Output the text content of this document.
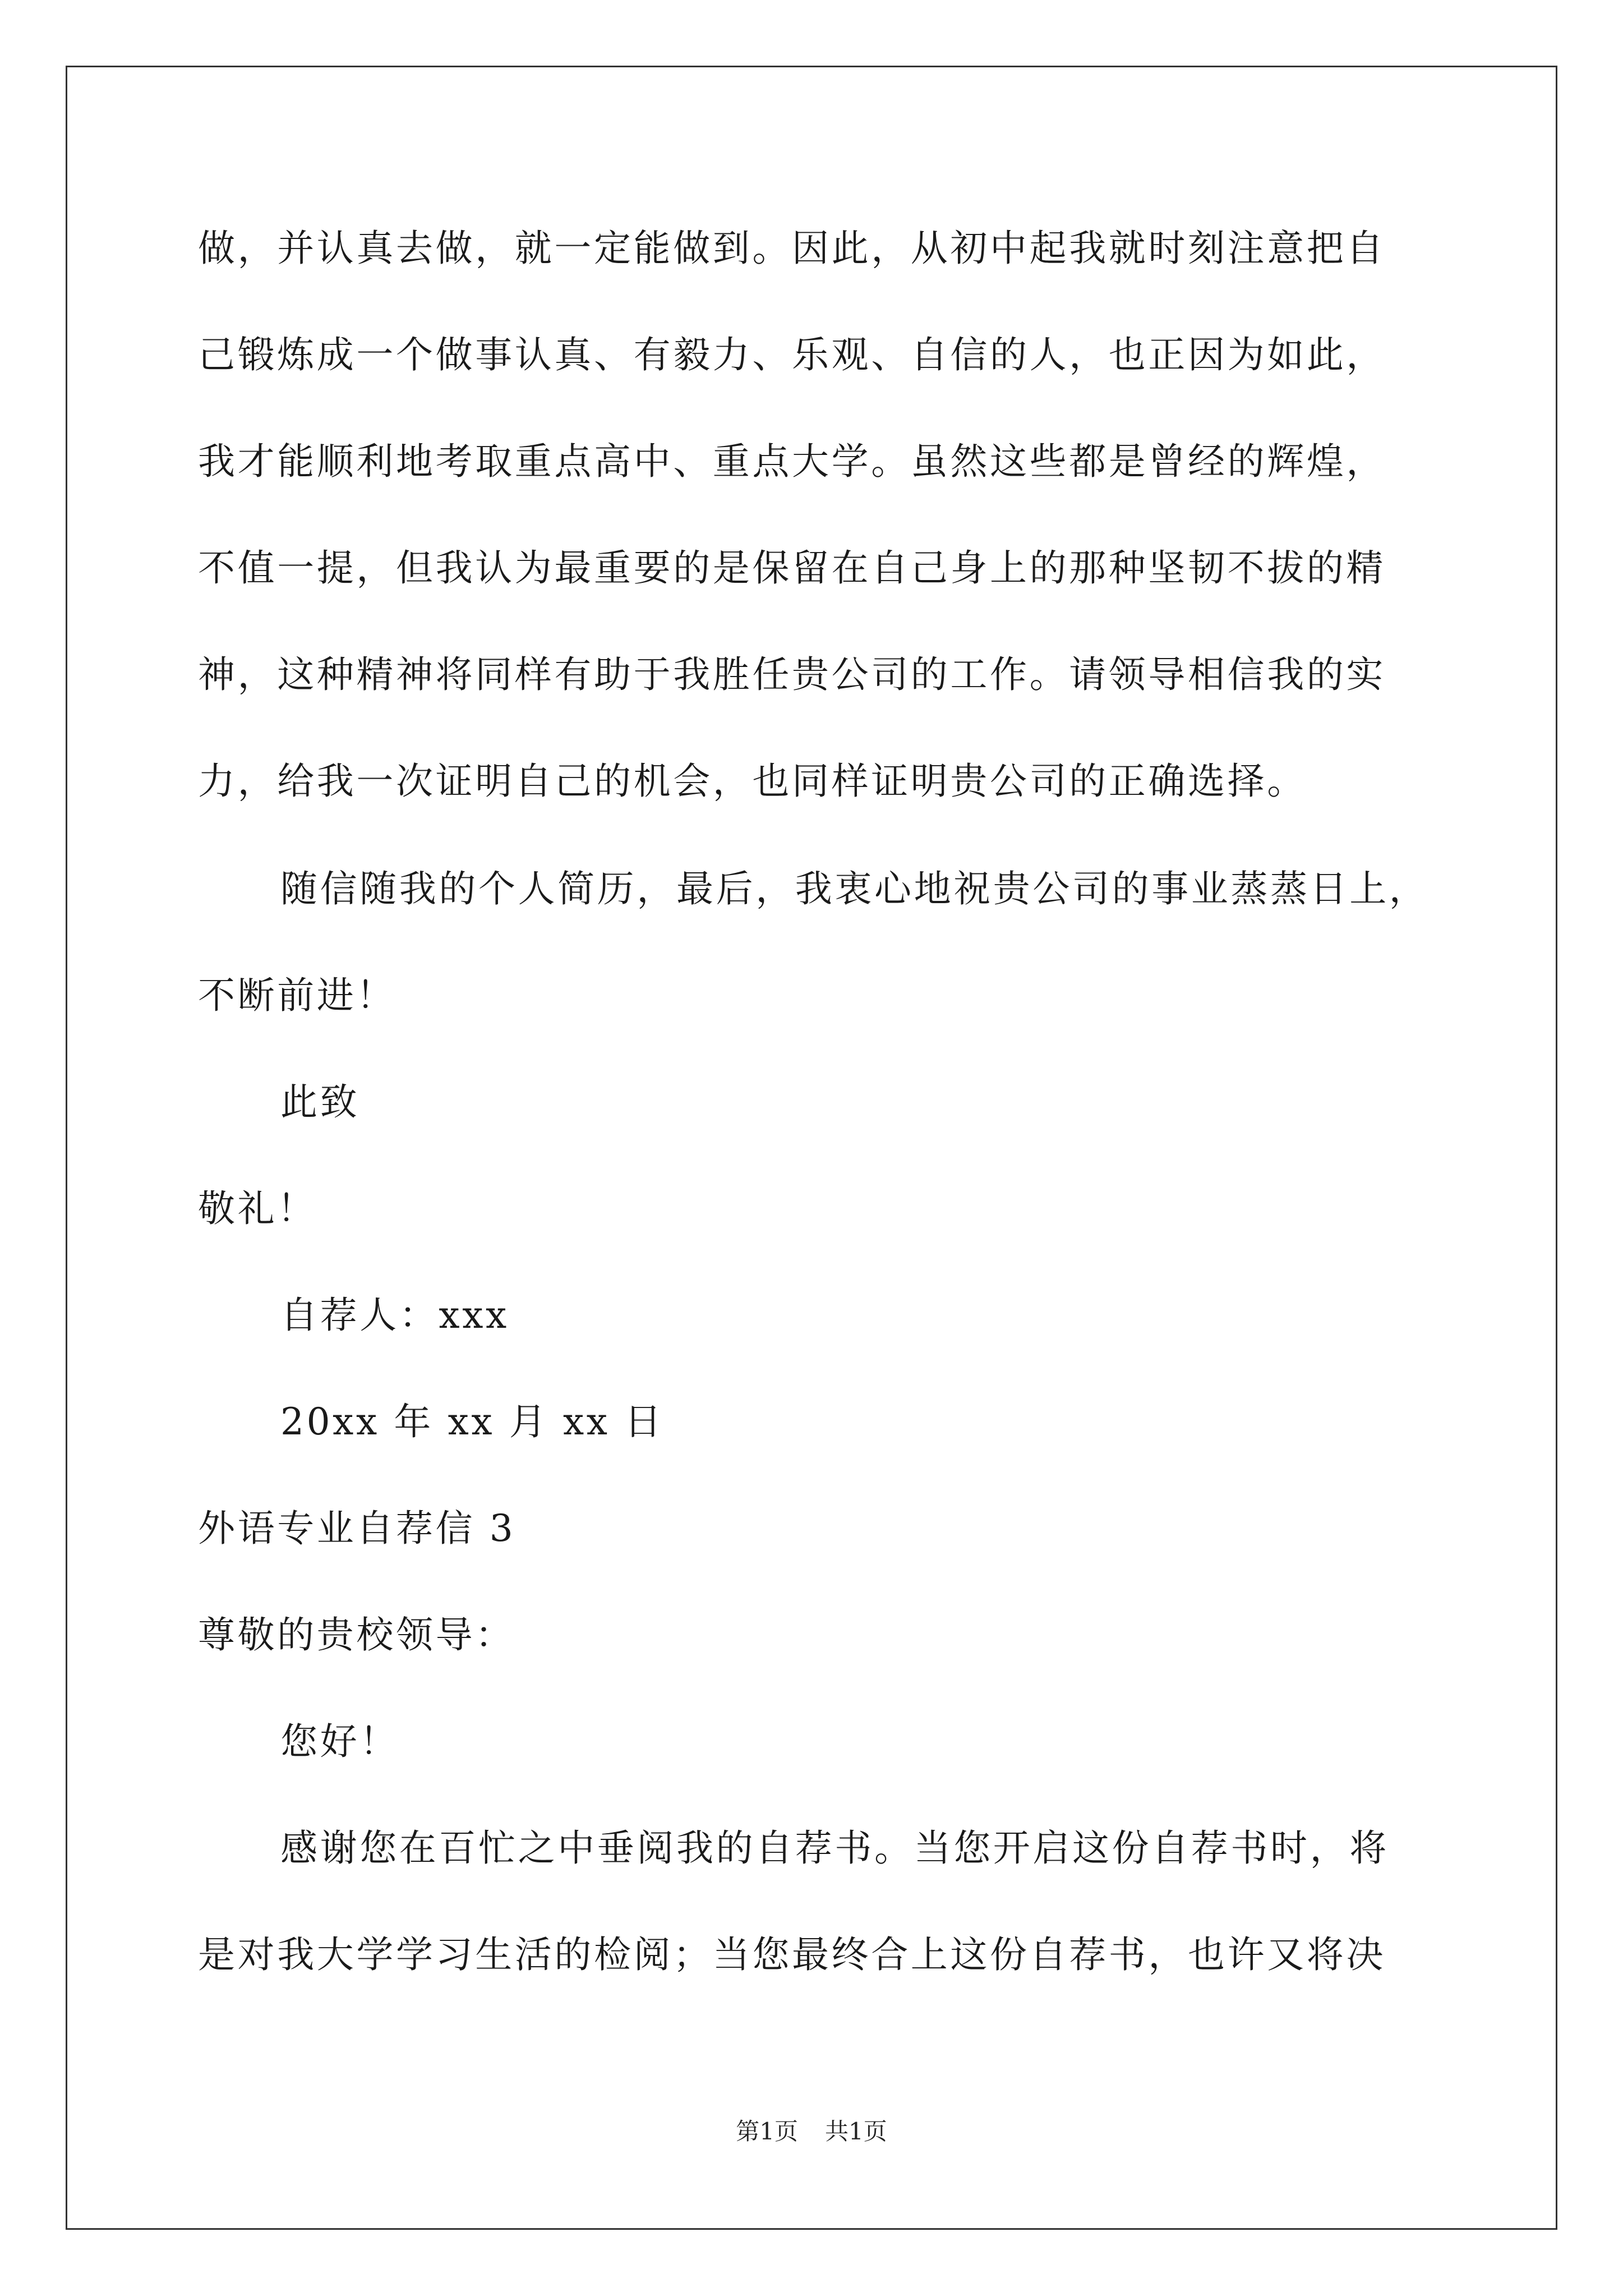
做，并认真去做，就一定能做到。因此，从初中起我就时刻注意把自
己锻炼成一个做事认真、有毅力、乐观、自信的人，也正因为如此，
我才能顺利地考取重点高中、重点大学。虽然这些都是曾经的辉煌，
不值一提，但我认为最重要的是保留在自己身上的那种坚韧不拔的精
神，这种精神将同样有助于我胜任贵公司的工作。请领导相信我的实
力，给我一次证明自己的机会，也同样证明贵公司的正确选择。
随信随我的个人简历，最后，我衷心地祝贵公司的事业蒸蒸日上，
不断前进！
此致
敬礼！
自荐人：xxx
20xx 年 xx 月 xx 日
外语专业自荐信 3
尊敬的贵校领导：
您好！
感谢您在百忙之中垂阅我的自荐书。当您开启这份自荐书时，将
是对我大学学习生活的检阅；当您最终合上这份自荐书，也许又将决
第1页 共1页
